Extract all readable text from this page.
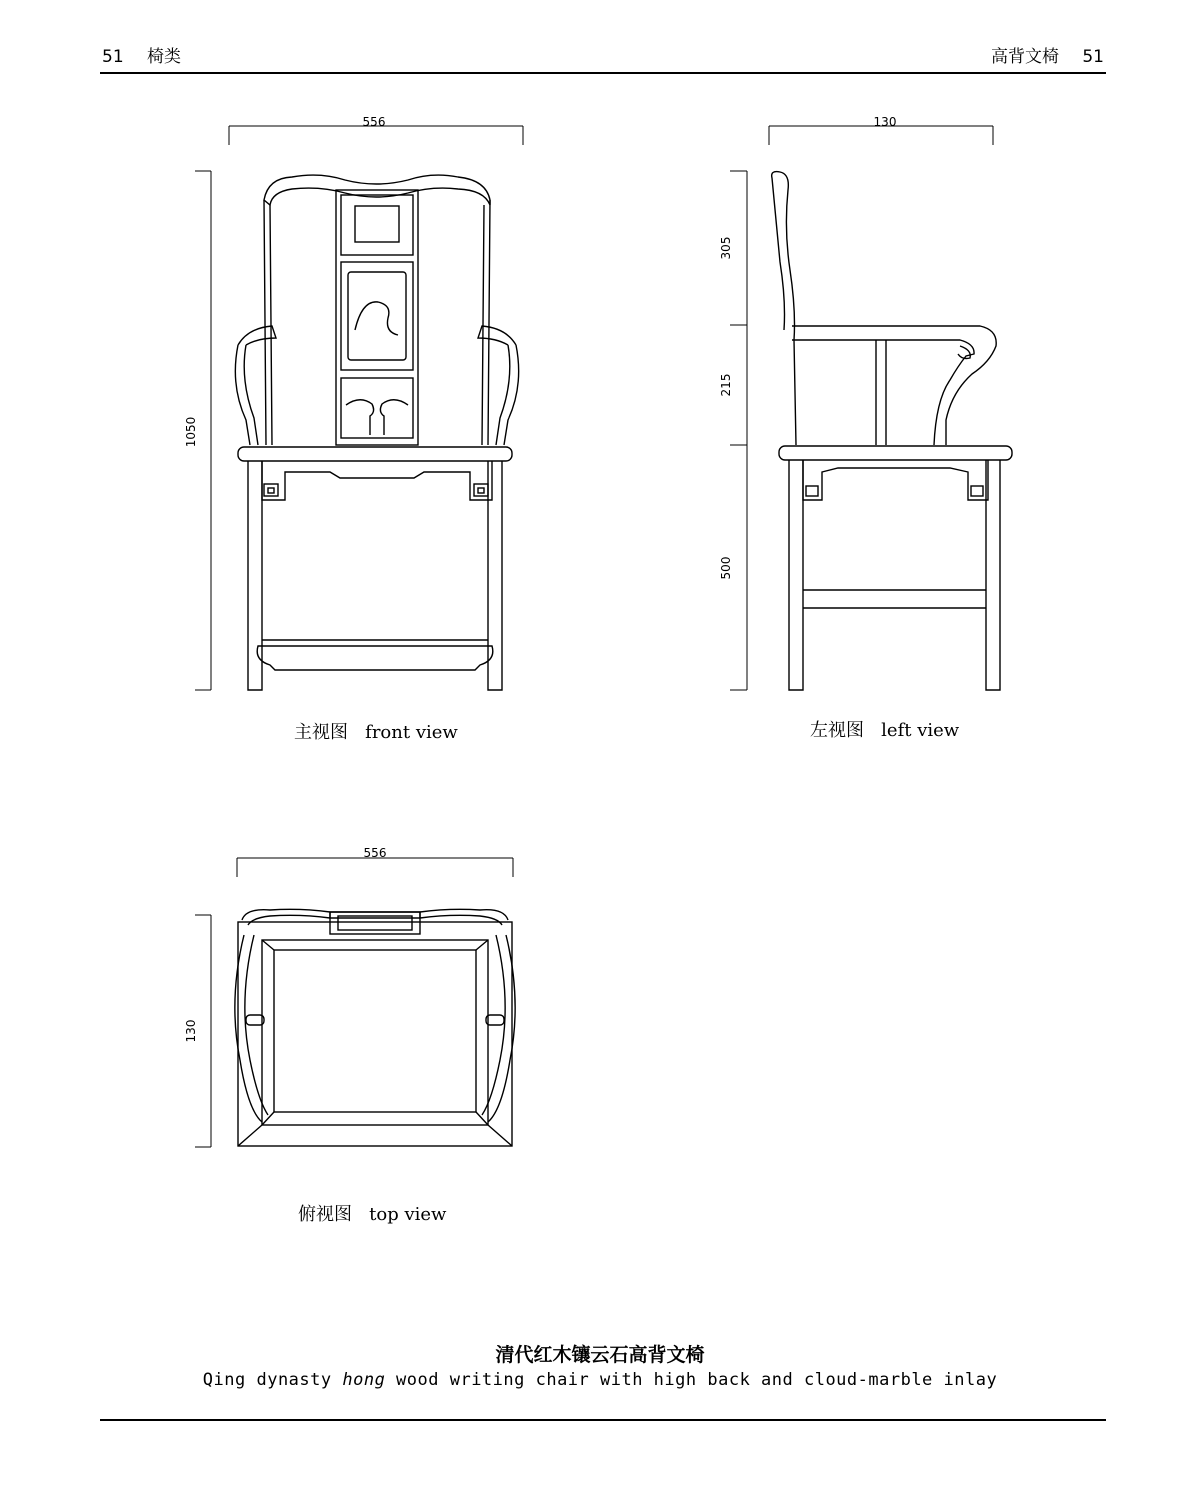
51 椅类	高背文椅 51
556
1050
130
305
215
500
556
130
主视图   front view	左视图   left view
俯视图   top view
清代红木镶云石高背文椅
Qing dynasty hong wood writing chair with high back and cloud-marble inlay
